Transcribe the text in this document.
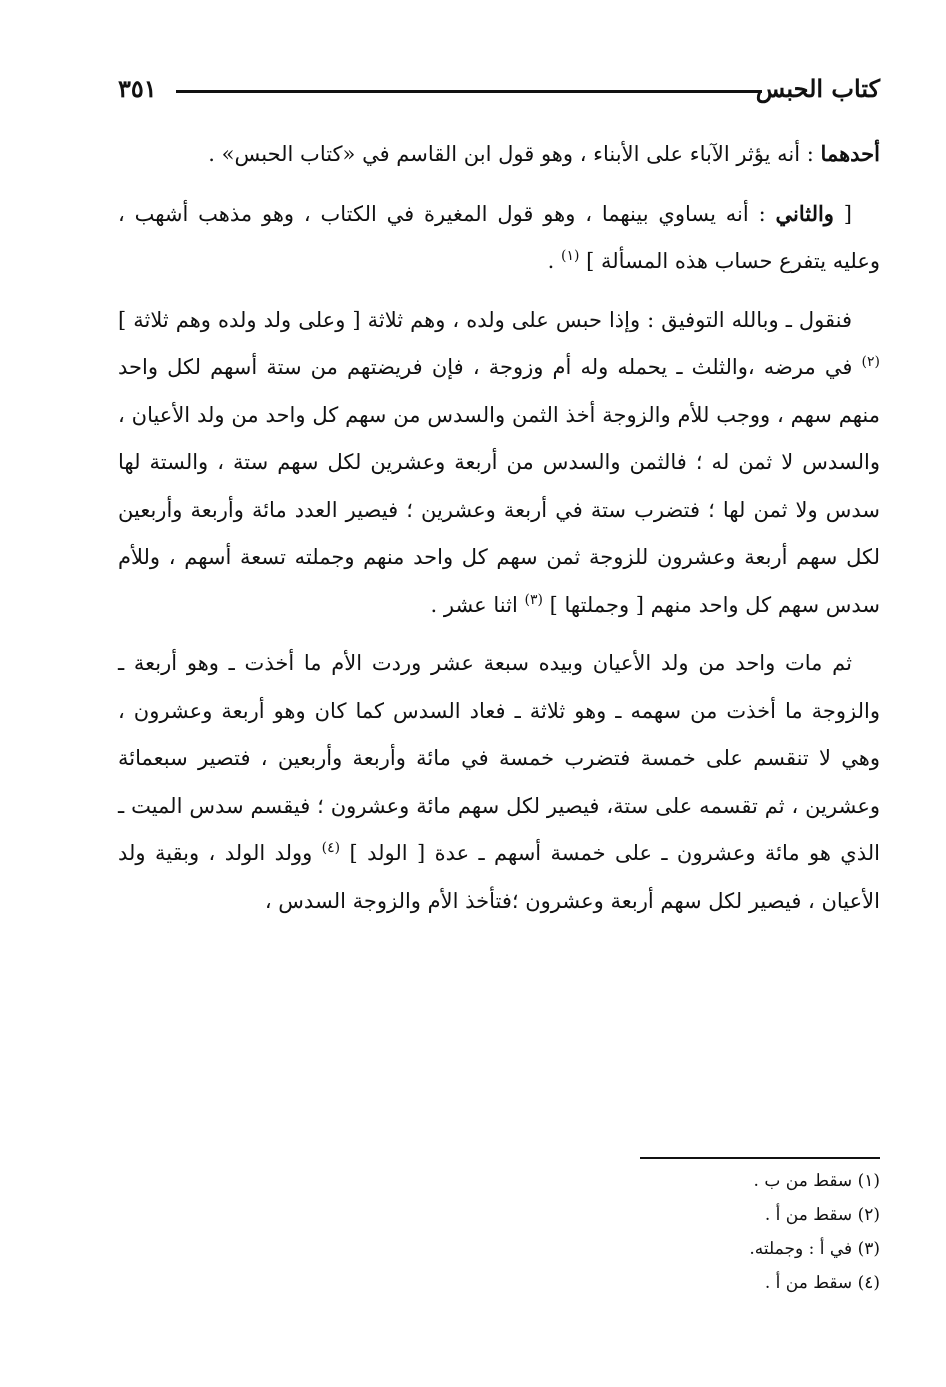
كتاب الحبس
٣٥١

أحدهما : أنه يؤثر الآباء على الأبناء ، وهو قول ابن القاسم في «كتاب الحبس» .

[ والثاني : أنه يساوي بينهما ، وهو قول المغيرة في الكتاب ، وهو مذهب أشهب ، وعليه يتفرع حساب هذه المسألة ] $^{(١)}$ .

فنقول ـ وبالله التوفيق : وإذا حبس على ولده ، وهم ثلاثة [ وعلى ولد ولده وهم ثلاثة ] $^{(٢)}$ في مرضه ،والثلث ـ يحمله وله أم وزوجة ، فإن فريضتهم من ستة أسهم لكل واحد منهم سهم ، ووجب للأم والزوجة أخذ الثمن والسدس من سهم كل واحد من ولد الأعيان ، والسدس لا ثمن له ؛ فالثمن والسدس من أربعة وعشرين لكل سهم ستة ، والستة لها سدس ولا ثمن لها ؛ فتضرب ستة في أربعة وعشرين ؛ فيصير العدد مائة وأربعة وأربعين لكل سهم أربعة وعشرون للزوجة ثمن سهم كل واحد منهم وجملته تسعة أسهم ، وللأم سدس سهم كل واحد منهم [ وجملتها ] $^{(٣)}$ اثنا عشر .

ثم مات واحد من ولد الأعيان وبيده سبعة عشر وردت الأم ما أخذت ـ وهو أربعة ـ والزوجة ما أخذت من سهمه ـ وهو ثلاثة ـ فعاد السدس كما كان وهو أربعة وعشرون ، وهي لا تنقسم على خمسة فتضرب خمسة في مائة وأربعة وأربعين ، فتصير سبعمائة وعشرين ، ثم تقسمه على ستة، فيصير لكل سهم مائة وعشرون ؛ فيقسم سدس الميت ـ الذي هو مائة وعشرون ـ على خمسة أسهم ـ عدة [ الولد ] $^{(٤)}$ وولد الولد ، وبقية ولد الأعيان ، فيصير لكل سهم أربعة وعشرون ؛فتأخذ الأم والزوجة السدس ،

(١) سقط من ب .
(٢) سقط من أ .
(٣) في أ : وجملته.
(٤) سقط من أ .
